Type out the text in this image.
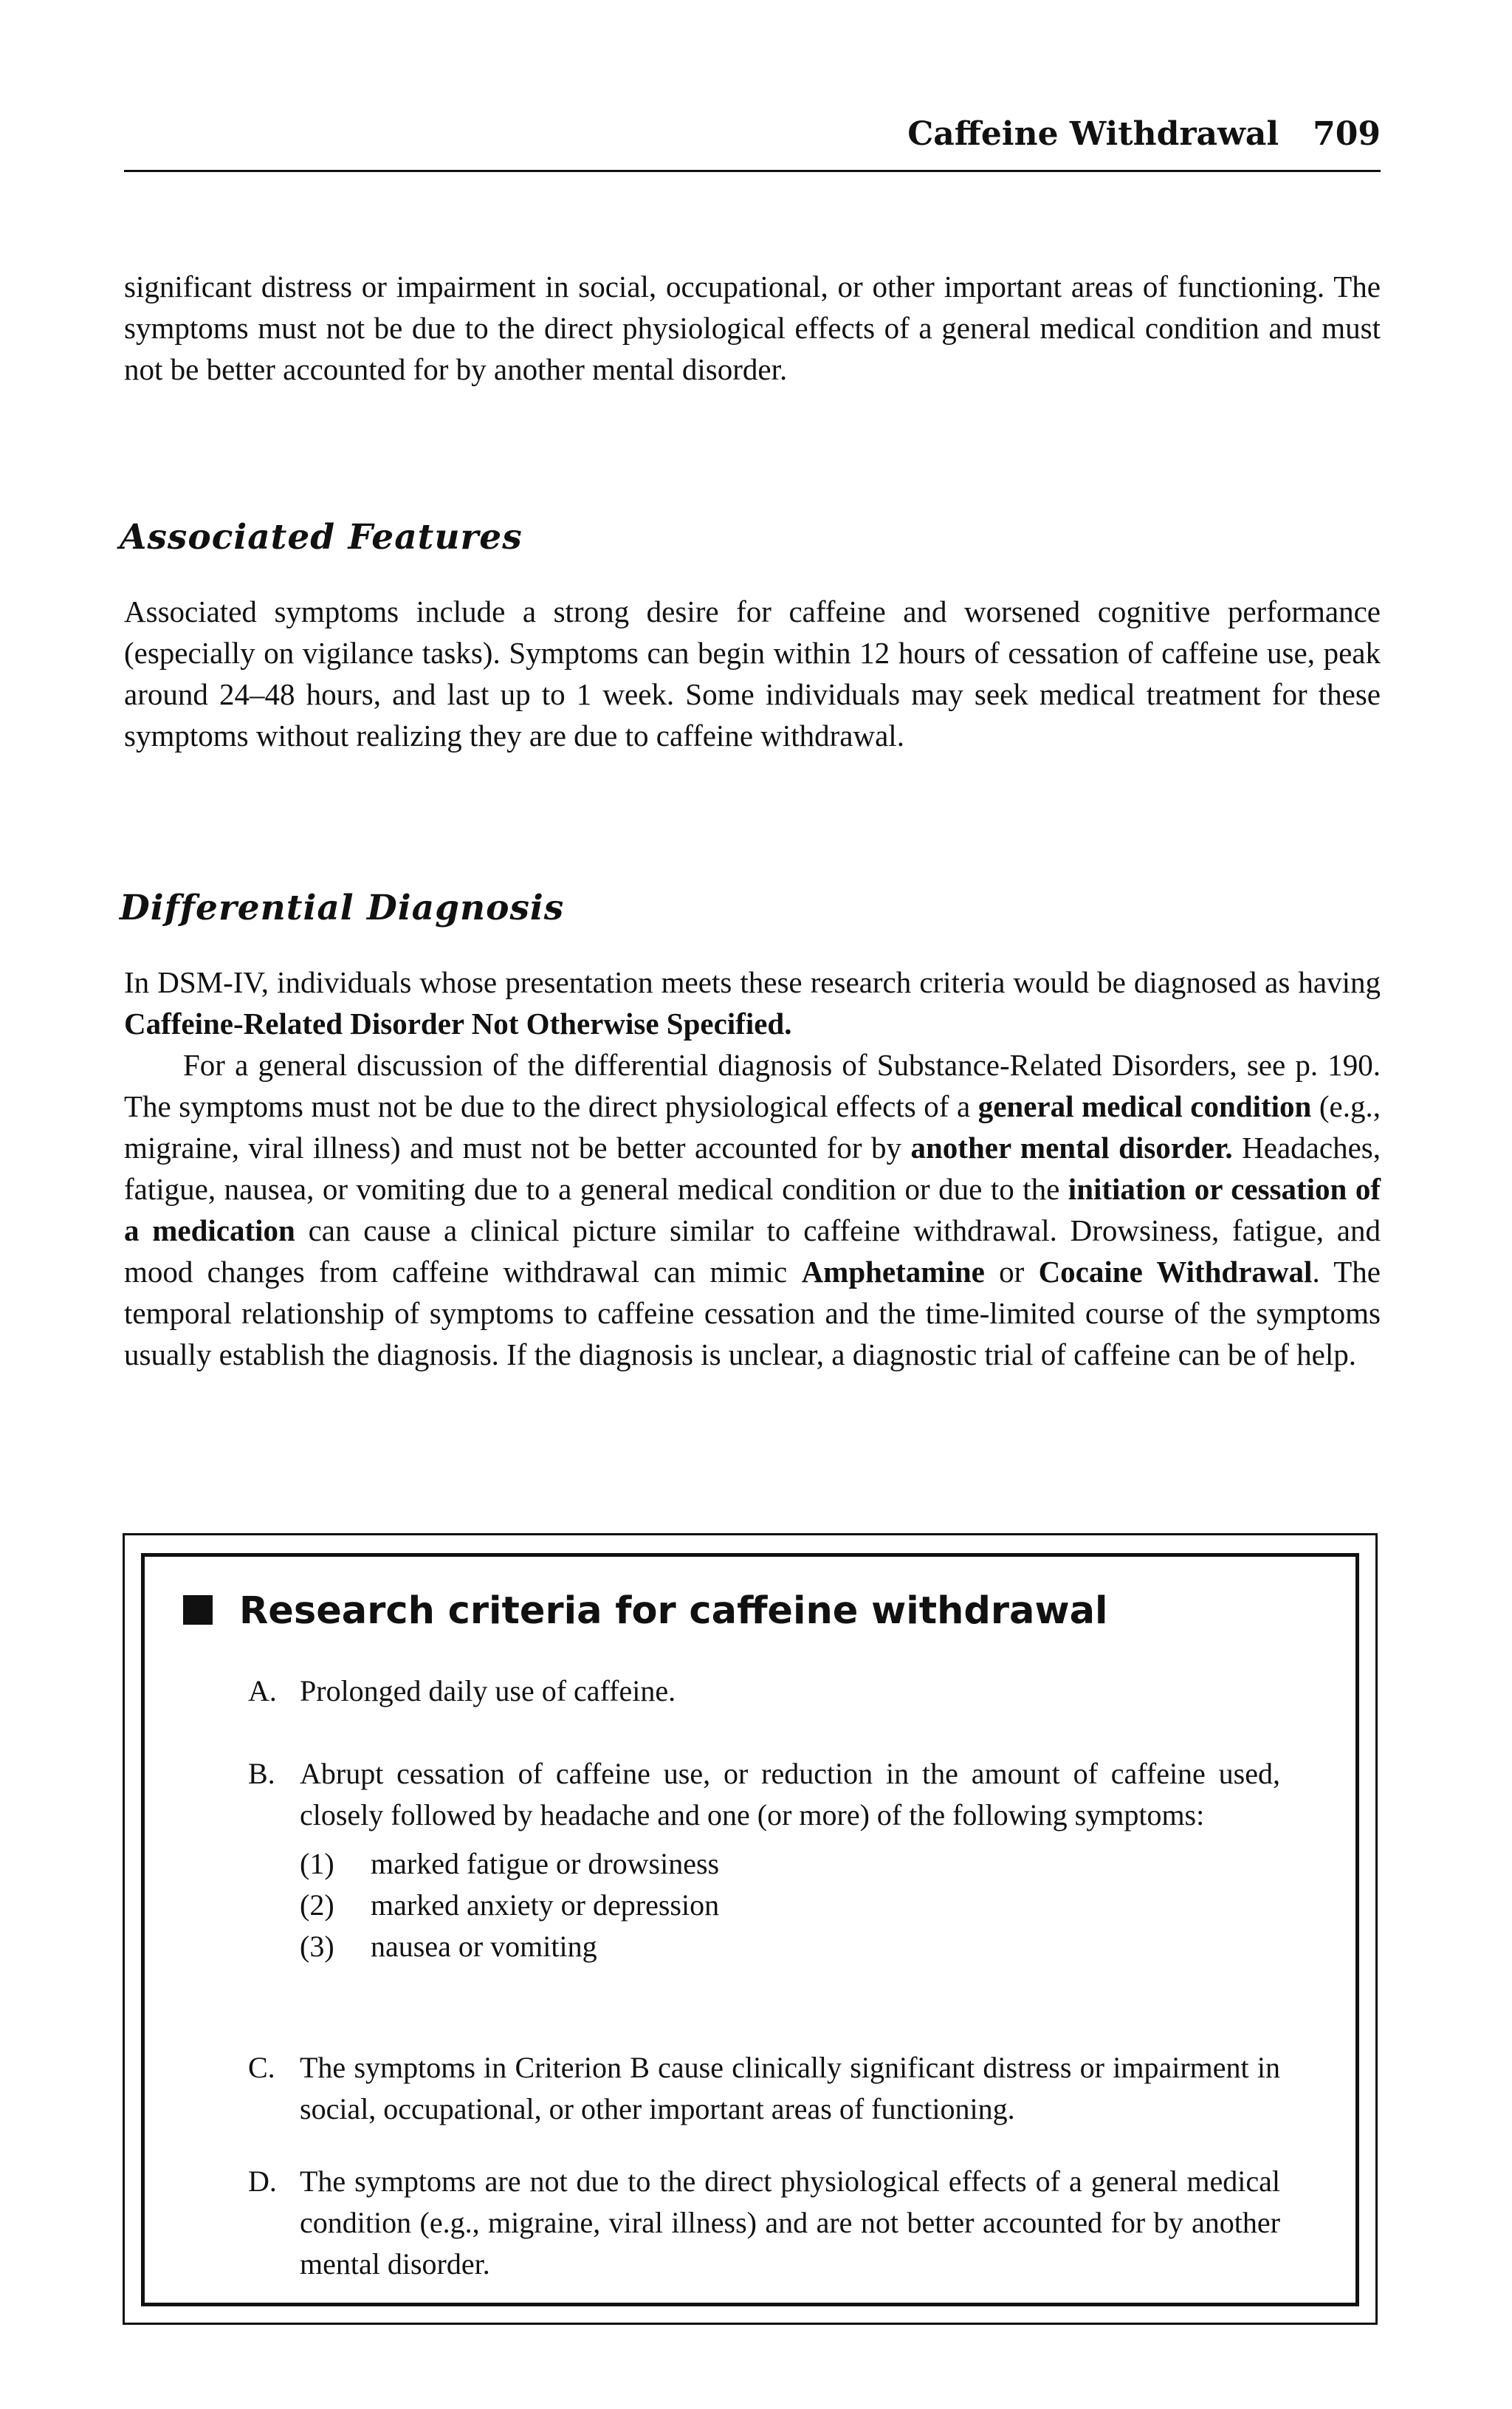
Caffeine Withdrawal 709

significant distress or impairment in social, occupational, or other important areas of functioning. The symptoms must not be due to the direct physiological effects of a general medical condition and must not be better accounted for by another mental disorder.

Associated Features

Associated symptoms include a strong desire for caffeine and worsened cognitive performance (especially on vigilance tasks). Symptoms can begin within 12 hours of cessation of caffeine use, peak around 24–48 hours, and last up to 1 week. Some individuals may seek medical treatment for these symptoms without realizing they are due to caffeine withdrawal.

Differential Diagnosis

In DSM-IV, individuals whose presentation meets these research criteria would be diagnosed as having Caffeine-Related Disorder Not Otherwise Specified.

For a general discussion of the differential diagnosis of Substance-Related Disorders, see p. 190. The symptoms must not be due to the direct physiological effects of a general medical condition (e.g., migraine, viral illness) and must not be better accounted for by another mental disorder. Headaches, fatigue, nausea, or vomiting due to a general medical condition or due to the initiation or cessation of a medication can cause a clinical picture similar to caffeine withdrawal. Drowsiness, fatigue, and mood changes from caffeine withdrawal can mimic Amphetamine or Cocaine Withdrawal. The temporal relationship of symptoms to caffeine cessation and the time-limited course of the symptoms usually establish the diagnosis. If the diagnosis is unclear, a diagnostic trial of caffeine can be of help.

Research criteria for caffeine withdrawal
A. Prolonged daily use of caffeine.
B. Abrupt cessation of caffeine use, or reduction in the amount of caffeine used, closely followed by headache and one (or more) of the following symptoms:
(1) marked fatigue or drowsiness
(2) marked anxiety or depression
(3) nausea or vomiting
C. The symptoms in Criterion B cause clinically significant distress or impairment in social, occupational, or other important areas of functioning.
D. The symptoms are not due to the direct physiological effects of a general medical condition (e.g., migraine, viral illness) and are not better accounted for by another mental disorder.
